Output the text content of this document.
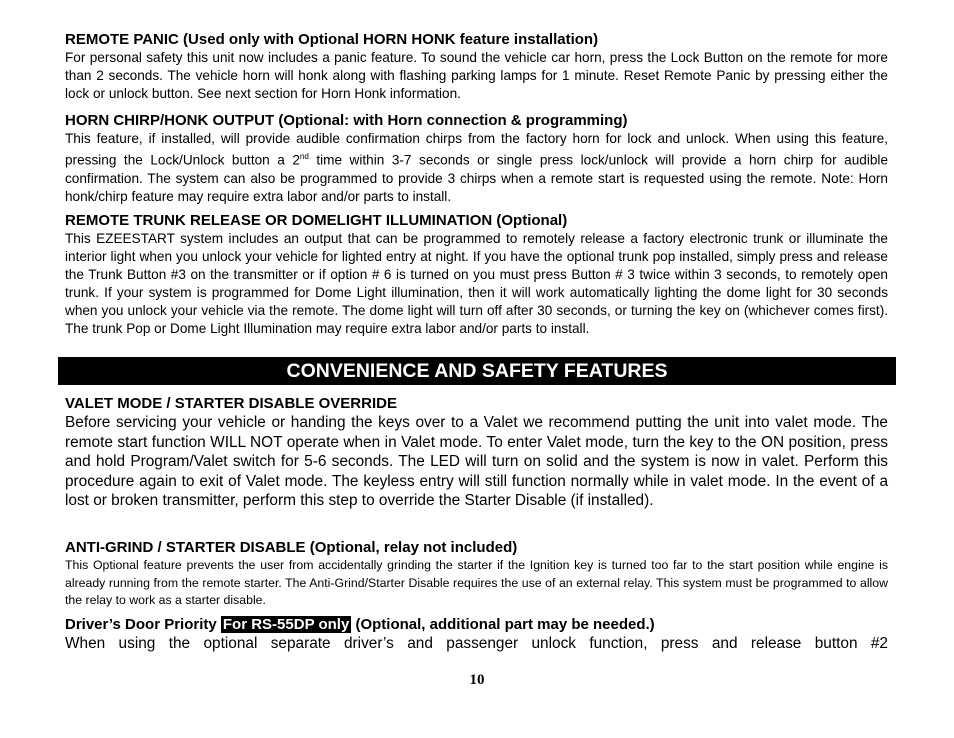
REMOTE PANIC (Used only with Optional HORN HONK feature installation)

For personal safety this unit now includes a panic feature. To sound the vehicle car horn, press the Lock Button on the remote for more than 2 seconds. The vehicle horn will honk along with flashing parking lamps for 1 minute. Reset Remote Panic by pressing either the lock or unlock button. See next section for Horn Honk information.

HORN CHIRP/HONK OUTPUT (Optional: with Horn connection & programming)

This feature, if installed, will provide audible confirmation chirps from the factory horn for lock and unlock. When using this feature, pressing the Lock/Unlock button a 2nd time within 3-7 seconds or single press lock/unlock will provide a horn chirp for audible confirmation. The system can also be programmed to provide 3 chirps when a remote start is requested using the remote. Note: Horn honk/chirp feature may require extra labor and/or parts to install.

REMOTE TRUNK RELEASE OR DOMELIGHT ILLUMINATION (Optional)

This EZEESTART system includes an output that can be programmed to remotely release a factory electronic trunk or illuminate the interior light when you unlock your vehicle for lighted entry at night. If you have the optional trunk pop installed, simply press and release the Trunk Button #3 on the transmitter or if option # 6 is turned on you must press Button # 3 twice within 3 seconds, to remotely open trunk. If your system is programmed for Dome Light illumination, then it will work automatically lighting the dome light for 30 seconds when you unlock your vehicle via the remote. The dome light will turn off after 30 seconds, or turning the key on (whichever comes first). The trunk Pop or Dome Light Illumination may require extra labor and/or parts to install.

CONVENIENCE AND SAFETY FEATURES
VALET MODE / STARTER DISABLE OVERRIDE

Before servicing your vehicle or handing the keys over to a Valet we recommend putting the unit into valet mode. The remote start function WILL NOT operate when in Valet mode. To enter Valet mode, turn the key to the ON position, press and hold Program/Valet switch for 5-6 seconds. The LED will turn on solid and the system is now in valet. Perform this procedure again to exit of Valet mode. The keyless entry will still function normally while in valet mode. In the event of a lost or broken transmitter, perform this step to override the Starter Disable (if installed).

ANTI-GRIND / STARTER DISABLE (Optional, relay not included)

This Optional feature prevents the user from accidentally grinding the starter if the Ignition key is turned too far to the start position while engine is already running from the remote starter. The Anti-Grind/Starter Disable requires the use of an external relay. This system must be programmed to allow the relay to work as a starter disable.

Driver’s Door Priority For RS-55DP only (Optional, additional part may be needed.)

When using the optional separate driver’s and passenger unlock function, press and release button #2

10
